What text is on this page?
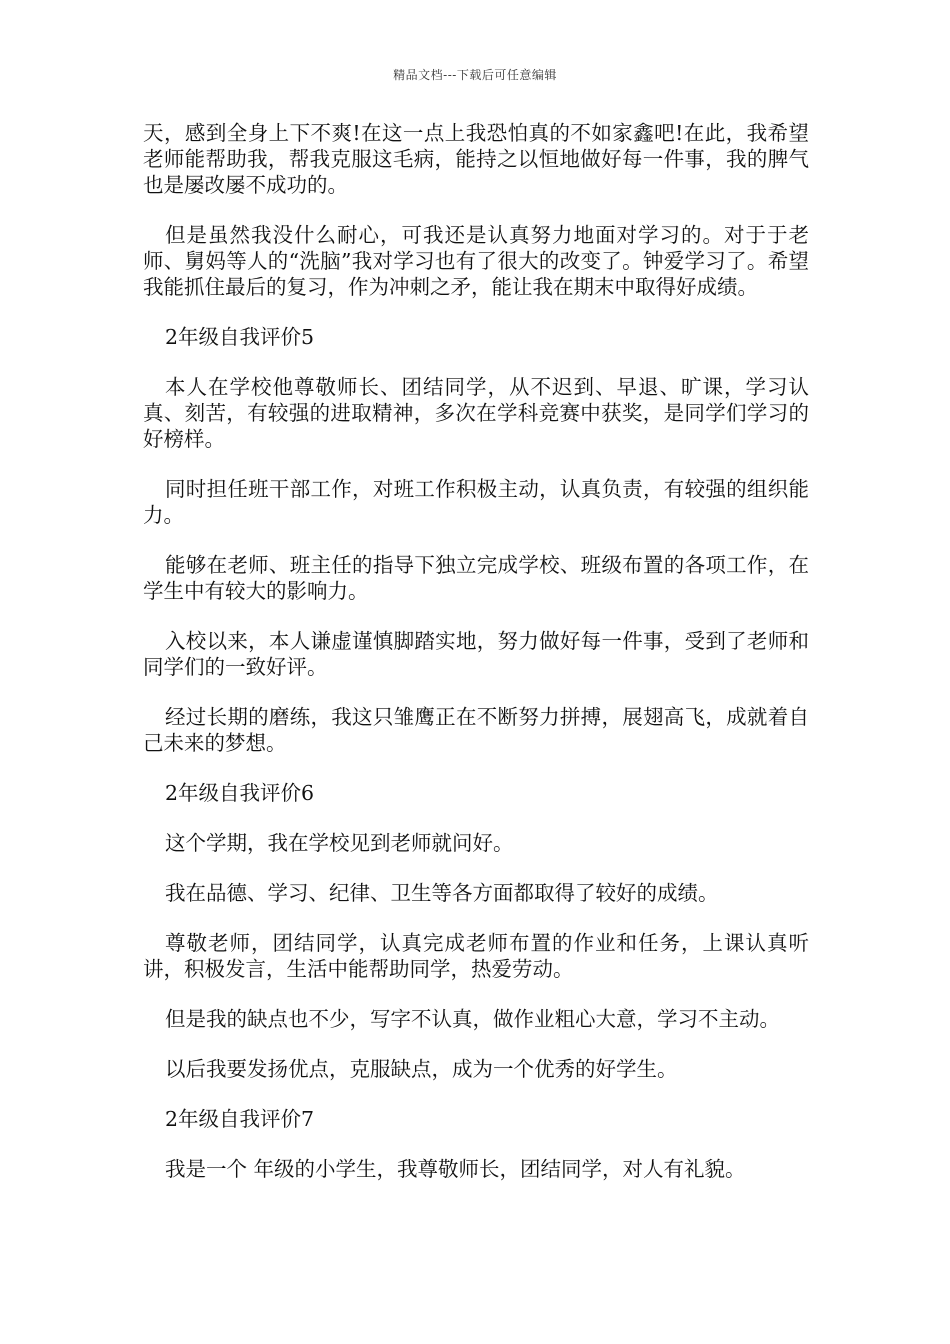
精品文档---下载后可任意编辑

天，感到全身上下不爽!在这一点上我恐怕真的不如家鑫吧!在此，我希望老师能帮助我，帮我克服这毛病，能持之以恒地做好每一件事，我的脾气也是屡改屡不成功的。

但是虽然我没什么耐心，可我还是认真努力地面对学习的。对于于老师、舅妈等人的“洗脑”我对学习也有了很大的改变了。钟爱学习了。希望我能抓住最后的复习，作为冲刺之矛，能让我在期末中取得好成绩。

2年级自我评价5

本人在学校他尊敬师长、团结同学，从不迟到、早退、旷课，学习认真、刻苦，有较强的进取精神，多次在学科竞赛中获奖，是同学们学习的好榜样。

同时担任班干部工作，对班工作积极主动，认真负责，有较强的组织能力。

能够在老师、班主任的指导下独立完成学校、班级布置的各项工作，在学生中有较大的影响力。

入校以来，本人谦虚谨慎脚踏实地，努力做好每一件事，受到了老师和同学们的一致好评。

经过长期的磨练，我这只雏鹰正在不断努力拼搏，展翅高飞，成就着自己未来的梦想。

2年级自我评价6

这个学期，我在学校见到老师就问好。

我在品德、学习、纪律、卫生等各方面都取得了较好的成绩。

尊敬老师，团结同学，认真完成老师布置的作业和任务，上课认真听讲，积极发言，生活中能帮助同学，热爱劳动。

但是我的缺点也不少，写字不认真，做作业粗心大意，学习不主动。

以后我要发扬优点，克服缺点，成为一个优秀的好学生。

2年级自我评价7

我是一个 年级的小学生，我尊敬师长，团结同学，对人有礼貌。
